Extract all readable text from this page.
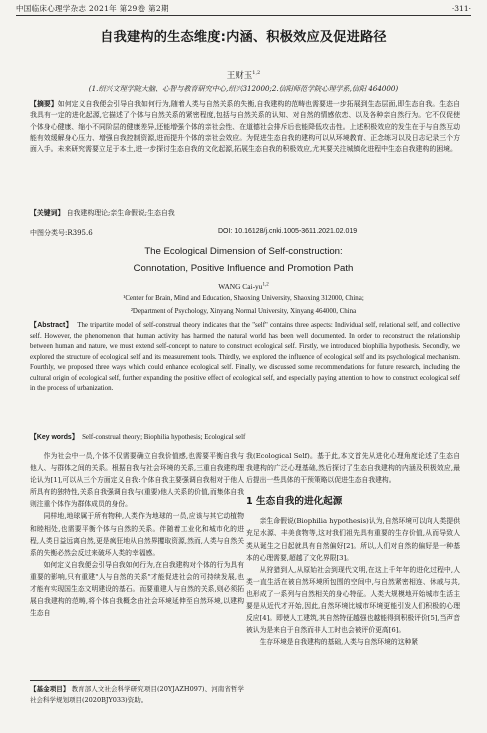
中国临床心理学杂志 2021年 第29卷 第2期	·311·
自我建构的生态维度:内涵、积极效应及促进路径
王财玉$^{1,2}$
(1.绍兴文理学院大脑、心智与教育研究中心,绍兴312000;2.信阳师范学院心理学系,信阳 464000)
【摘要】如何定义自我便会引导自我如何行为,随着人类与自然关系的失衡,自我建构的范畴也需要进一步拓展到生态层面,即生态自我。生态自我具有一定的进化起源,它描述了个体与自然关系的紧密程度,包括与自然关系的认知、对自然的情感依恋、以及各种亲自然行为。它不仅促使个体身心健康、缩小不同阶层的健康差异,还能增强个体的亲社会性、在道德社会排斥后也能降低攻击性。上述积极效应的发生在于与自然互动能有效缓解身心压力、增强自我控制资源,进而提升个体的亲社会效应。为促进生态自我的建构可以从环境教育、正念练习以及日志记录三个方面入手。未来研究需要立足于本土,进一步探讨生态自我的文化起源,拓展生态自我的积极效应,尤其要关注城镇化进程中生态自我建构的困境。
【关键词】 自我建构理论;亲生命假说;生态自我
中图分类号:R395.6	DOI: 10.16128/j.cnki.1005-3611.2021.02.019
The Ecological Dimension of Self-construction:
Connotation, Positive Influence and Promotion Path
WANG Cai-yu$^{1,2}$
¹Center for Brain, Mind and Education, Shaoxing University, Shaoxing 312000, China;
²Department of Psychology, Xinyang Normal University, Xinyang 464000, China
【Abstract】 The tripartite model of self-construal theory indicates that the "self" contains three aspects: Individual self, relational self, and collective self. However, the phenomenon that human activity has harmed the natural world has been well documented. In order to reconstruct the relationship between human and nature, we must extend self-concept to nature to construct ecological self. Firstly, we introduced biophilia hypothesis. Secondly, we explored the structure of ecological self and its measurement tools. Thirdly, we explored the influence of ecological self and its psychological mechanism. Fourthly, we proposed three ways which could enhance ecological self. Finally, we discussed some recommendations for future research, including the cultural origin of ecological self, further expanding the positive effect of ecological self, and especially paying attention to how to construct ecological self in the process of urbanization.
【Key words】 Self-construal theory; Biophilia hypothesis; Ecological self

作为社会中一员,个体不仅需要确立自我价值感,也需要平衡自我与他人、与群体之间的关系。根据自我与社会环境的关系,三重自我建构理论认为[1],可以从三个方面定义自我:个体自我主要强调自我相对于他人所具有的独特性,关系自我强调自我与(重要)他人关系的价值,而集体自我则注重个体作为群体成员的身份。

同样地,地球属于所有物种,人类作为地球的一员,应该与其它动植物和睦相处,也需要平衡个体与自然的关系。伴随着工业化和城市化的进程,人类日益远离自然,更是疯狂地从自然界攫取资源,然而,人类与自然关系的失衡必然会反过来破坏人类的幸福感。

如何定义自我便会引导自我如何行为,在自我建构对个体的行为具有重要的影响,只有重建"人与自然的关系"才能促进社会的可持续发展,也才能有实现国生态文明建设的基石。而要重建人与自然的关系,则必须拓展自我建构的范畴,将个体自我概念由社会环境延伸至自然环境,以建构生态自

我(Ecological Self)。基于此,本文首先从进化心理角度论述了生态自我建构的广泛心理基础,然后探讨了生态自我建构的内涵及积极效应,最后提出一些具体的干预策略以促进生态自我建构。

1 生态自我的进化起源

亲生命假说(Biophilia hypothesis)认为,自然环境可以向人类提供充足水源、丰美食物等,这对我们祖先具有重要的生存价值,从而导致人类从诞生之日起就具有自然偏好[2]。所以,人们对自然的偏好是一种基本的心理需要,超越了文化界限[3]。

从狩猎到人,从原始社会到现代文明,在这上千年年的进化过程中,人类一直生活在被自然环境所包围的空间中,与自然紧密相连、休戚与共,也形成了一系列与自然相关的身心特征。人类大规模地开始城市生活主要是从近代才开始,因此,自然环境比城市环境更能引发人们积极的心理反应[4]。即使人工建筑,其自然特征越强也越能得到积极评价[5],当声音被认为是来自于自然而非人工时也会被评价更高[6]。

生存环境是自我建构的基础,人类与自然环境的这种紧

【基金项目】 教育部人文社会科学研究项目(20YJAZH097)、河南省哲学社会科学规划项目(2020BJY033)资助。
